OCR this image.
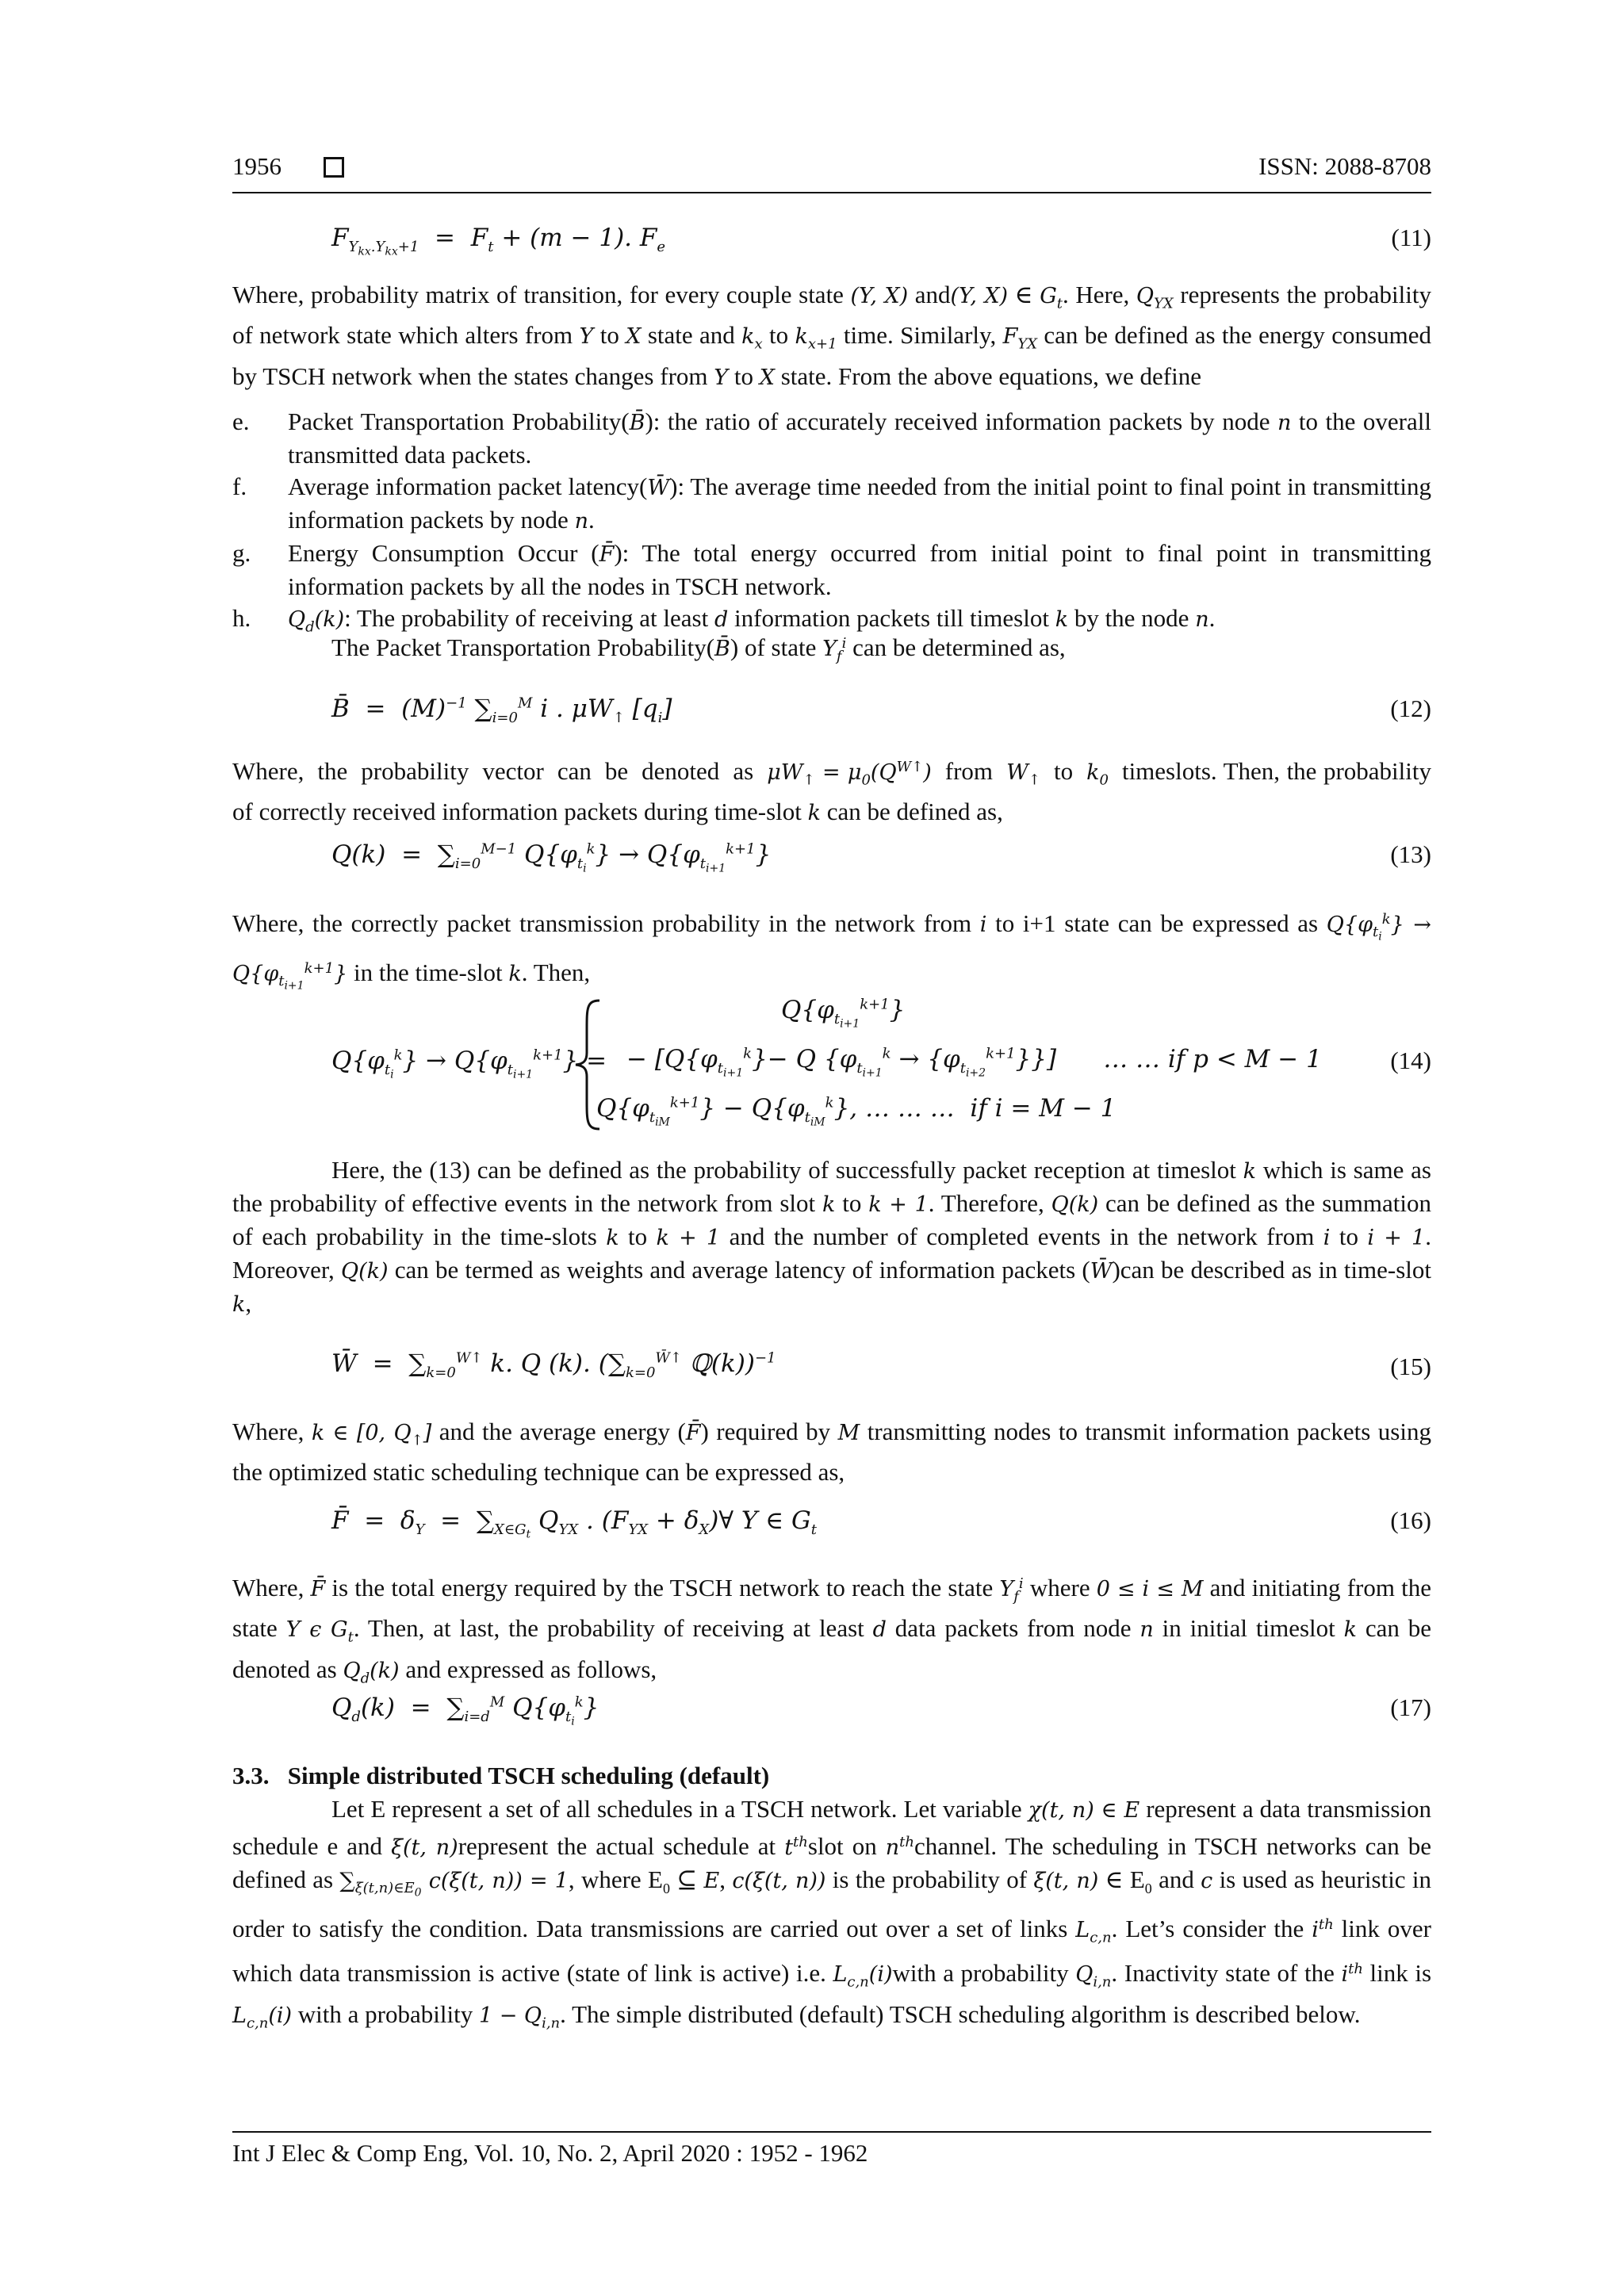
1956	ISSN: 2088-8708
$F_{Y_{kx}.Y_{kx}+1} = F_t + (m - 1)$. $F_e$	(11)
Where, probability matrix of transition, for every couple state (Y, X) and(Y, X) ∈ $G_t$. Here, $Q_{YX}$ represents the probability of network state which alters from Y to X state and $k_x$ to $k_{x+1}$ time. Similarly, $F_{YX}$ can be defined as the energy consumed by TSCH network when the states changes from Y to X state. From the above equations, we define
e.	Packet Transportation Probability(B̄): the ratio of accurately received information packets by node n to the overall transmitted data packets.
f.	Average information packet latency(W̄): The average time needed from the initial point to final point in transmitting information packets by node n.
g.	Energy Consumption Occur (F̄): The total energy occurred from initial point to final point in transmitting information packets by all the nodes in TSCH network.
h.	$Q_d(k)$: The probability of receiving at least d information packets till timeslot k by the node n.
The Packet Transportation Probability(B̄) of state $Y_f^i$ can be determined as,
B̄  =  $(M)^{-1}$ $\sum_{i=0}^M$ i . $\mu W_↑$ $[q_i]$	(12)
Where,  the  probability  vector  can  be  denoted  as  $\mu W_↑ = \mu_0(Q^{W↑})$  from  $W_↑$  to  $k_0$  timeslots. Then, the probability of correctly received information packets during time-slot k can be defined as,
$Q(k) = \sum_{i=0}^{M-1}$ $Q\{\varphi_{t_i}^k\} \to Q\{\varphi_{t_{i+1}}^{k+1}\}$	(13)
Where, the correctly packet transmission probability in the network from i to i+1 state can be expressed as $Q\{\varphi_{t_i}^k\} \to Q\{\varphi_{t_{i+1}}^{k+1}\}$ in the time-slot k. Then,
$Q\{\varphi_{t_i}^k\} \to Q\{\varphi_{t_{i+1}}^{k+1}\}$ =
$Q\{\varphi_{t_{i+1}}^{k+1}\}$
− [$Q\{\varphi_{t_{i+1}}^k\}- Q$ $\{\varphi_{t_{i+1}}^k \to \{\varphi_{t_{i+2}}^{k+1}\}\}$]      … … if p < M − 1
$Q\{\varphi_{t_{iM}}^{k+1}\} - Q\{\varphi_{t_{iM}}^k\}$, … … …  if i = M − 1
(14)
Here, the (13) can be defined as the probability of successfully packet reception at timeslot k which is same as the probability of effective events in the network from slot k to k + 1. Therefore, Q(k) can be defined as the summation of each probability in the time-slots k to k + 1 and the number of completed events in the network from i to i + 1. Moreover, Q(k) can be termed as weights and average latency of information packets (W̄)can be described as in time-slot k,
W̄  =  $\sum_{k=0}^{W↑}$ k. Q (k). ($\sum_{k=0}^{W̄↑}$ ℚ(k))$^{-1}$	(15)
Where, k ∈ [0, $Q_↑$] and the average energy (F̄) required by M transmitting nodes to transmit information packets using the optimized static scheduling technique can be expressed as,
F̄  =  $\delta_Y = \sum_{X\in G_t}$ $Q_{YX}$ . ($F_{YX}$ + $\delta_X)\forall$ Y ∈ $G_t$	(16)
Where, F̄ is the total energy required by the TSCH network to reach the state $Y_f^i$ where 0 ≤ i ≤ M and initiating from the state Y ϵ $G_t$. Then, at last, the probability of receiving at least d data packets from node n in initial timeslot k can be denoted as $Q_d(k)$ and expressed as follows,
$Q_d(k) = \sum_{i=d}^M$ $Q\{\varphi_{t_i}^k\}$	(17)
3.3. Simple distributed TSCH scheduling (default)
Let E represent a set of all schedules in a TSCH network. Let variable χ(t, n) ∈ E represent a data transmission schedule e and ξ(t, n)represent the actual schedule at $t^{th}slot$ on $n^{th}channel$. The scheduling in TSCH networks can be defined as $\sum_{\xi(t,n)\in E_0}$ c(ξ(t, n)) = 1, where $E_0$ ⊆ E, c(ξ(t, n)) is the probability of ξ(t, n) ∈ $E_0$ and c is used as heuristic in order to satisfy the condition. Data transmissions are carried out over a set of links $L_{c,n}$. Let’s consider the $i^{th}$ link over which data transmission is active (state of link is active) i.e. $L_{c,n}(i)with$ a probability $Q_{i,n}$. Inactivity state of the $i^{th}$ link is $L_{c,n}(i)$ with a probability $1 - Q_{i,n}$. The simple distributed (default) TSCH scheduling algorithm is described below.
Int J Elec & Comp Eng, Vol. 10, No. 2, April 2020 : 1952 - 1962
